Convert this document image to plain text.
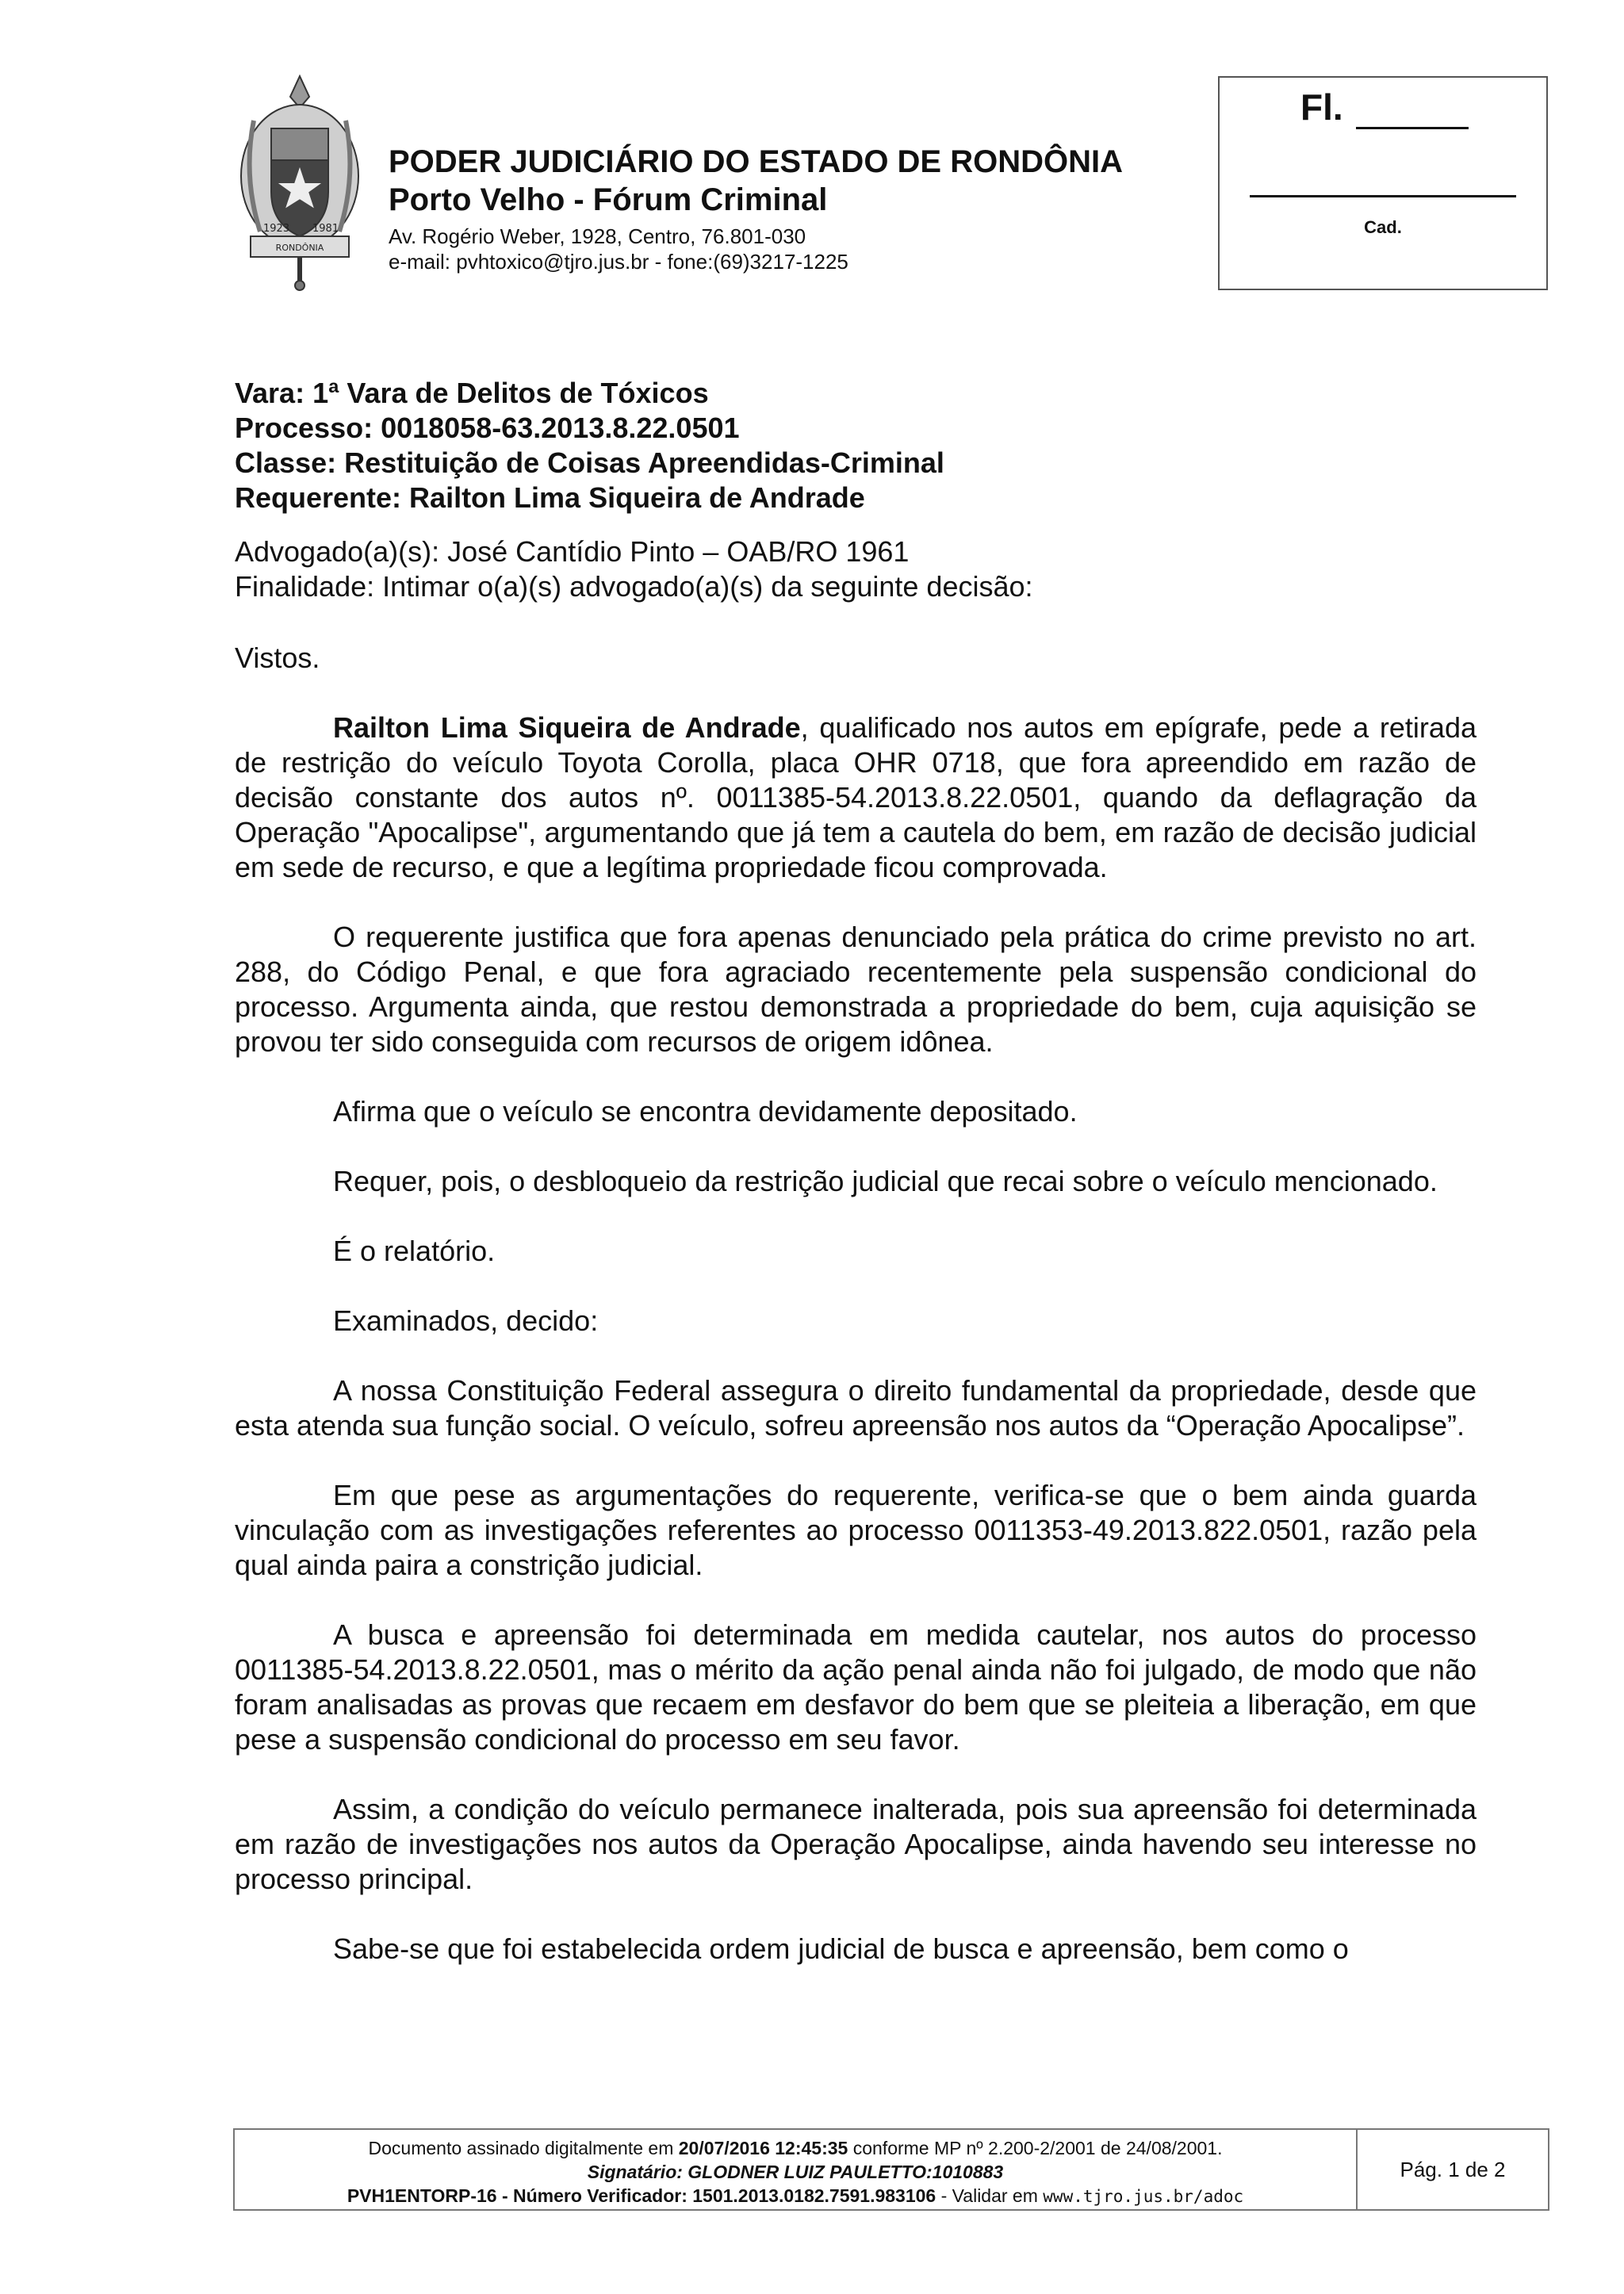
1923 1981
RONDÔNIA
PODER JUDICIÁRIO DO ESTADO DE RONDÔNIA
Porto Velho - Fórum Criminal
Av. Rogério Weber, 1928, Centro, 76.801-030
e-mail: pvhtoxico@tjro.jus.br - fone:(69)3217-1225
Fl.
Cad.
Vara: 1ª Vara de Delitos de Tóxicos
Processo: 0018058-63.2013.8.22.0501
Classe: Restituição de Coisas Apreendidas-Criminal
Requerente: Railton Lima Siqueira de Andrade
Advogado(a)(s): José Cantídio Pinto – OAB/RO 1961
Finalidade: Intimar o(a)(s) advogado(a)(s) da seguinte decisão:

Vistos.

Railton Lima Siqueira de Andrade, qualificado nos autos em epígrafe, pede a retirada de restrição do veículo Toyota Corolla, placa OHR 0718, que fora apreendido em razão de decisão constante dos autos nº. 0011385-54.2013.8.22.0501, quando da deflagração da Operação "Apocalipse", argumentando que já tem a cautela do bem, em razão de decisão judicial em sede de recurso, e que a legítima propriedade ficou comprovada.

O requerente justifica que fora apenas denunciado pela prática do crime previsto no art. 288, do Código Penal, e que fora agraciado recentemente pela suspensão condicional do processo. Argumenta ainda, que restou demonstrada a propriedade do bem, cuja aquisição se provou ter sido conseguida com recursos de origem idônea.

Afirma que o veículo se encontra devidamente depositado.

Requer, pois, o desbloqueio da restrição judicial que recai sobre o veículo mencionado.

É o relatório.

Examinados, decido:

A nossa Constituição Federal assegura o direito fundamental da propriedade, desde que esta atenda sua função social. O veículo, sofreu apreensão nos autos da “Operação Apocalipse”.

Em que pese as argumentações do requerente, verifica-se que o bem ainda guarda vinculação com as investigações referentes ao processo 0011353-49.2013.822.0501, razão pela qual ainda paira a constrição judicial.

A busca e apreensão foi determinada em medida cautelar, nos autos do processo 0011385-54.2013.8.22.0501, mas o mérito da ação penal ainda não foi julgado, de modo que não foram analisadas as provas que recaem em desfavor do bem que se pleiteia a liberação, em que pese a suspensão condicional do processo em seu favor.

Assim, a condição do veículo permanece inalterada, pois sua apreensão foi determinada em razão de investigações nos autos da Operação Apocalipse, ainda havendo seu interesse no processo principal.

Sabe-se que foi estabelecida ordem judicial de busca e apreensão, bem como o

Documento assinado digitalmente em 20/07/2016 12:45:35 conforme MP nº 2.200-2/2001 de 24/08/2001.
Signatário: GLODNER LUIZ PAULETTO:1010883
PVH1ENTORP-16 - Número Verificador: 1501.2013.0182.7591.983106 - Validar em www.tjro.jus.br/adoc
Pág. 1 de 2
